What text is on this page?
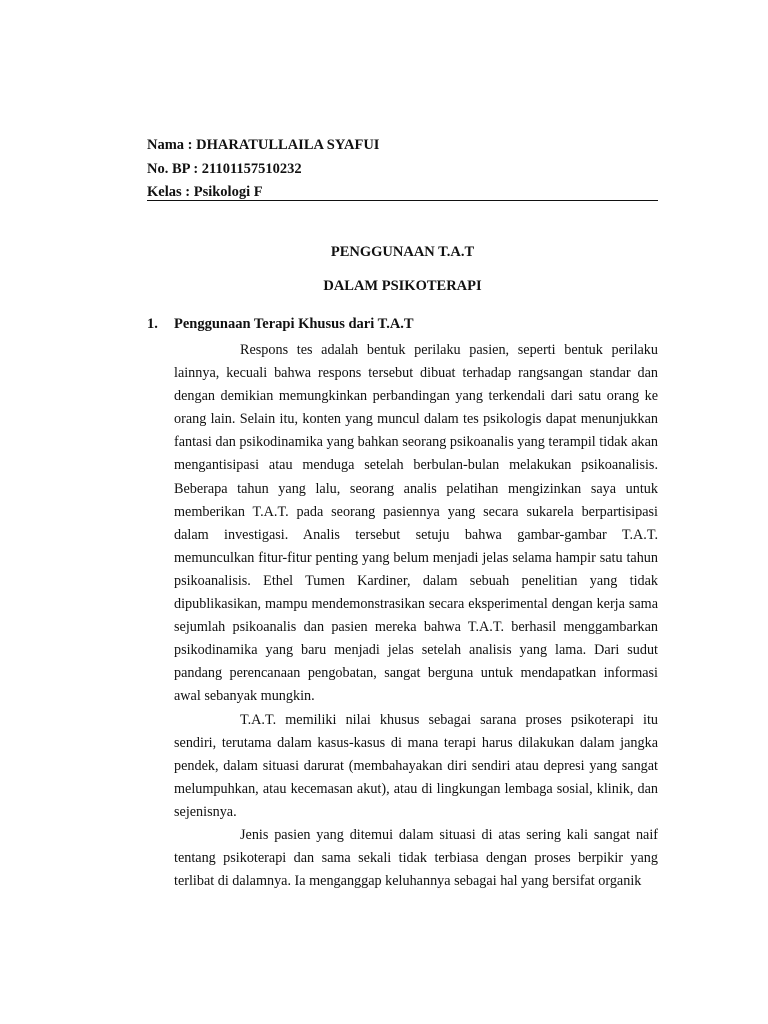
Nama : DHARATULLAILA SYAFUI
No. BP : 21101157510232
Kelas : Psikologi F
PENGGUNAAN T.A.T
DALAM PSIKOTERAPI
1. Penggunaan Terapi Khusus dari T.A.T

Respons tes adalah bentuk perilaku pasien, seperti bentuk perilaku lainnya, kecuali bahwa respons tersebut dibuat terhadap rangsangan standar dan dengan demikian memungkinkan perbandingan yang terkendali dari satu orang ke orang lain. Selain itu, konten yang muncul dalam tes psikologis dapat menunjukkan fantasi dan psikodinamika yang bahkan seorang psikoanalis yang terampil tidak akan mengantisipasi atau menduga setelah berbulan-bulan melakukan psikoanalisis. Beberapa tahun yang lalu, seorang analis pelatihan mengizinkan saya untuk memberikan T.A.T. pada seorang pasiennya yang secara sukarela berpartisipasi dalam investigasi. Analis tersebut setuju bahwa gambar-gambar T.A.T. memunculkan fitur-fitur penting yang belum menjadi jelas selama hampir satu tahun psikoanalisis. Ethel Tumen Kardiner, dalam sebuah penelitian yang tidak dipublikasikan, mampu mendemonstrasikan secara eksperimental dengan kerja sama sejumlah psikoanalis dan pasien mereka bahwa T.A.T. berhasil menggambarkan psikodinamika yang baru menjadi jelas setelah analisis yang lama. Dari sudut pandang perencanaan pengobatan, sangat berguna untuk mendapatkan informasi awal sebanyak mungkin.

T.A.T. memiliki nilai khusus sebagai sarana proses psikoterapi itu sendiri, terutama dalam kasus-kasus di mana terapi harus dilakukan dalam jangka pendek, dalam situasi darurat (membahayakan diri sendiri atau depresi yang sangat melumpuhkan, atau kecemasan akut), atau di lingkungan lembaga sosial, klinik, dan sejenisnya.

Jenis pasien yang ditemui dalam situasi di atas sering kali sangat naif tentang psikoterapi dan sama sekali tidak terbiasa dengan proses berpikir yang terlibat di dalamnya. Ia menganggap keluhannya sebagai hal yang bersifat organik
